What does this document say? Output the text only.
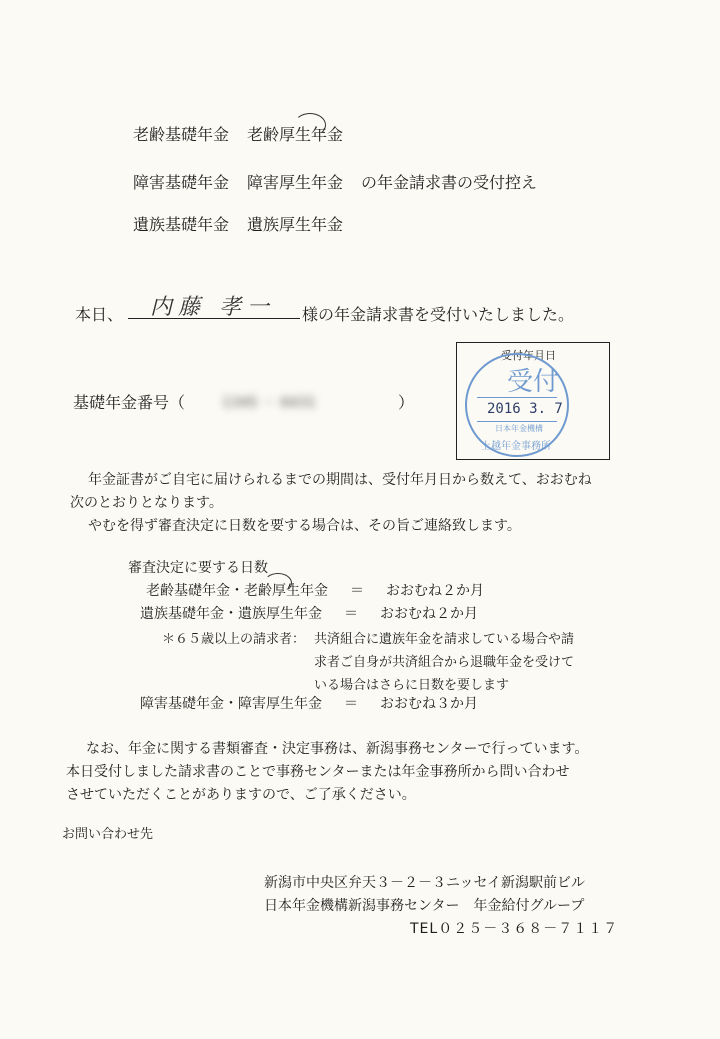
老齢基礎年金 老齢厚生年金
障害基礎年金 障害厚生年金 の年金請求書の受付控え
遺族基礎年金 遺族厚生年金
本日、 内藤 孝一 様の年金請求書を受付いたしました。
基礎年金番号（	1345 － 6431	）
受付年月日
受付
2016 3. 7
日本年金機構
上越年金事務所
年金証書がご自宅に届けられるまでの期間は、受付年月日から数えて、おおむね
次のとおりとなります。
やむを得ず審査決定に日数を要する場合は、その旨ご連絡致します。
審査決定に要する日数
老齢基礎年金・老齢厚生年金 ＝ おおむね２か月
遺族基礎年金・遺族厚生年金 ＝ おおむね２か月
＊６５歳以上の請求者： 共済組合に遺族年金を請求している場合や請
求者ご自身が共済組合から退職年金を受けて
いる場合はさらに日数を要します
障害基礎年金・障害厚生年金 ＝ おおむね３か月
なお、年金に関する書類審査・決定事務は、新潟事務センターで行っています。
本日受付しました請求書のことで事務センターまたは年金事務所から問い合わせ
させていただくことがありますので、ご了承ください。
お問い合わせ先
新潟市中央区弁天３－２－３ニッセイ新潟駅前ビル
日本年金機構新潟事務センター　年金給付グループ
TEL０２５－３６８－７１１７
